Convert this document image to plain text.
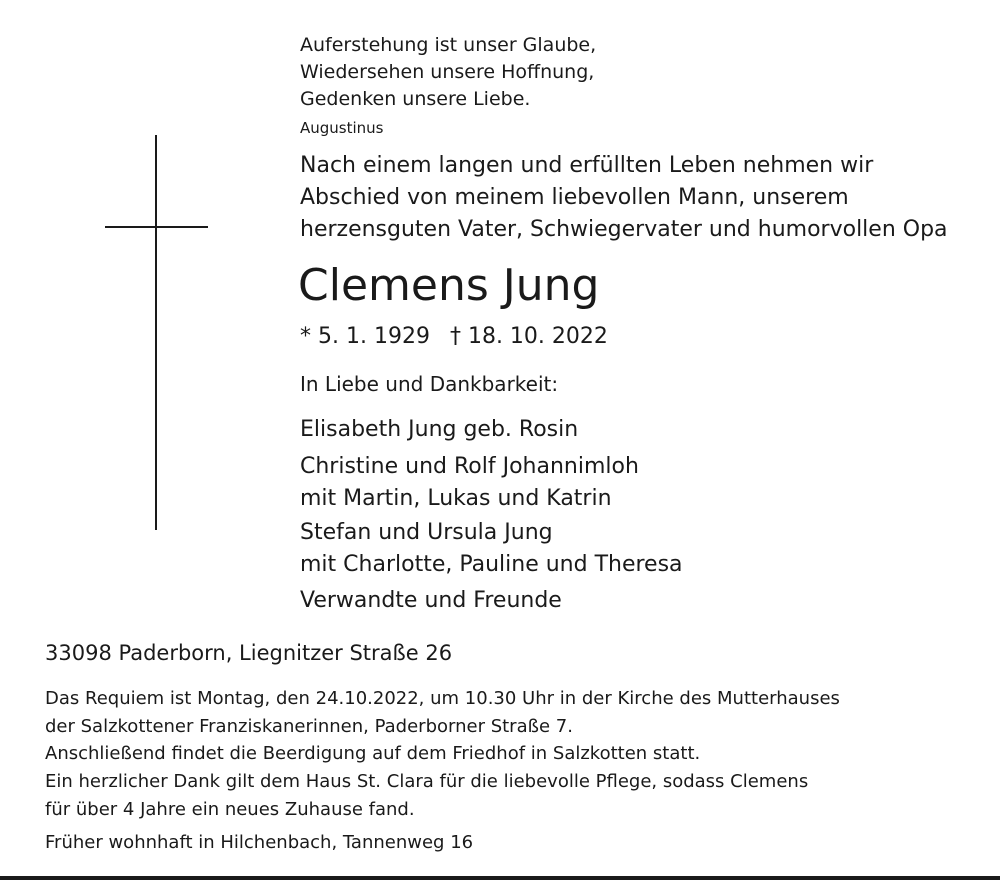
Auferstehung ist unser Glaube,
Wiedersehen unsere Hoffnung,
Gedenken unsere Liebe.
Augustinus
Nach einem langen und erfüllten Leben nehmen wir
Abschied von meinem liebevollen Mann, unserem
herzensguten Vater, Schwiegervater und humorvollen Opa
Clemens Jung
* 5. 1. 1929 † 18. 10. 2022
In Liebe und Dankbarkeit:
Elisabeth Jung geb. Rosin
Christine und Rolf Johannimloh
mit Martin, Lukas und Katrin
Stefan und Ursula Jung
mit Charlotte, Pauline und Theresa
Verwandte und Freunde
33098 Paderborn, Liegnitzer Straße 26
Das Requiem ist Montag, den 24.10.2022, um 10.30 Uhr in der Kirche des Mutterhauses
der Salzkottener Franziskanerinnen, Paderborner Straße 7.
Anschließend findet die Beerdigung auf dem Friedhof in Salzkotten statt.
Ein herzlicher Dank gilt dem Haus St. Clara für die liebevolle Pflege, sodass Clemens
für über 4 Jahre ein neues Zuhause fand.
Früher wohnhaft in Hilchenbach, Tannenweg 16
